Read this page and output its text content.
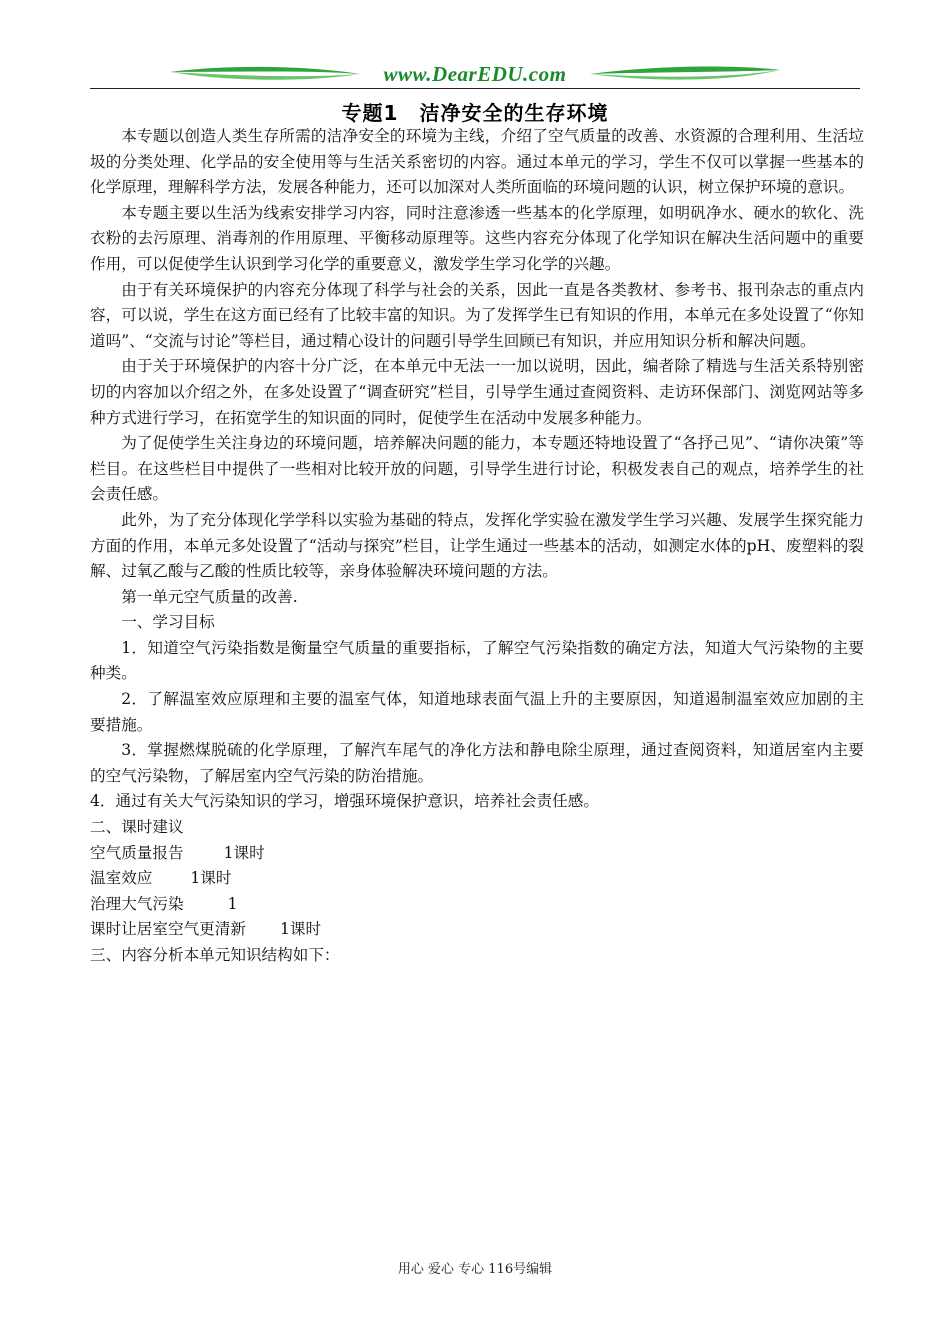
www.DearEDU.com
专题1　洁净安全的生存环境

本专题以创造人类生存所需的洁净安全的环境为主线，介绍了空气质量的改善、水资源的合理利用、生活垃圾的分类处理、化学品的安全使用等与生活关系密切的内容。通过本单元的学习，学生不仅可以掌握一些基本的化学原理，理解科学方法，发展各种能力，还可以加深对人类所面临的环境问题的认识，树立保护环境的意识。

本专题主要以生活为线索安排学习内容，同时注意渗透一些基本的化学原理，如明矾净水、硬水的软化、洗衣粉的去污原理、消毒剂的作用原理、平衡移动原理等。这些内容充分体现了化学知识在解决生活问题中的重要作用，可以促使学生认识到学习化学的重要意义，激发学生学习化学的兴趣。

由于有关环境保护的内容充分体现了科学与社会的关系，因此一直是各类教材、参考书、报刊杂志的重点内容，可以说，学生在这方面已经有了比较丰富的知识。为了发挥学生已有知识的作用，本单元在多处设置了“你知道吗”、“交流与讨论”等栏目，通过精心设计的问题引导学生回顾已有知识，并应用知识分析和解决问题。

由于关于环境保护的内容十分广泛，在本单元中无法一一加以说明，因此，编者除了精选与生活关系特别密切的内容加以介绍之外，在多处设置了“调查研究”栏目，引导学生通过查阅资料、走访环保部门、浏览网站等多种方式进行学习，在拓宽学生的知识面的同时，促使学生在活动中发展多种能力。

为了促使学生关注身边的环境问题，培养解决问题的能力，本专题还特地设置了“各抒己见”、“请你决策”等栏目。在这些栏目中提供了一些相对比较开放的问题，引导学生进行讨论，积极发表自己的观点，培养学生的社会责任感。

此外，为了充分体现化学学科以实验为基础的特点，发挥化学实验在激发学生学习兴趣、发展学生探究能力方面的作用，本单元多处设置了“活动与探究”栏目，让学生通过一些基本的活动，如测定水体的pH、废塑料的裂解、过氧乙酸与乙酸的性质比较等，亲身体验解决环境问题的方法。

第一单元空气质量的改善.

一、学习目标

1．知道空气污染指数是衡量空气质量的重要指标，了解空气污染指数的确定方法，知道大气污染物的主要种类。

2．了解温室效应原理和主要的温室气体，知道地球表面气温上升的主要原因，知道遏制温室效应加剧的主要措施。

3．掌握燃煤脱硫的化学原理，了解汽车尾气的净化方法和静电除尘原理，通过查阅资料，知道居室内主要的空气污染物，了解居室内空气污染的防治措施。

4．通过有关大气污染知识的学习，增强环境保护意识，培养社会责任感。

二、课时建议

空气质量报告	1课时

温室效应 1课时

治理大气污染	1

课时让居室空气更清新 1课时

三、内容分析本单元知识结构如下：

用心 爱心 专心 116号编辑
